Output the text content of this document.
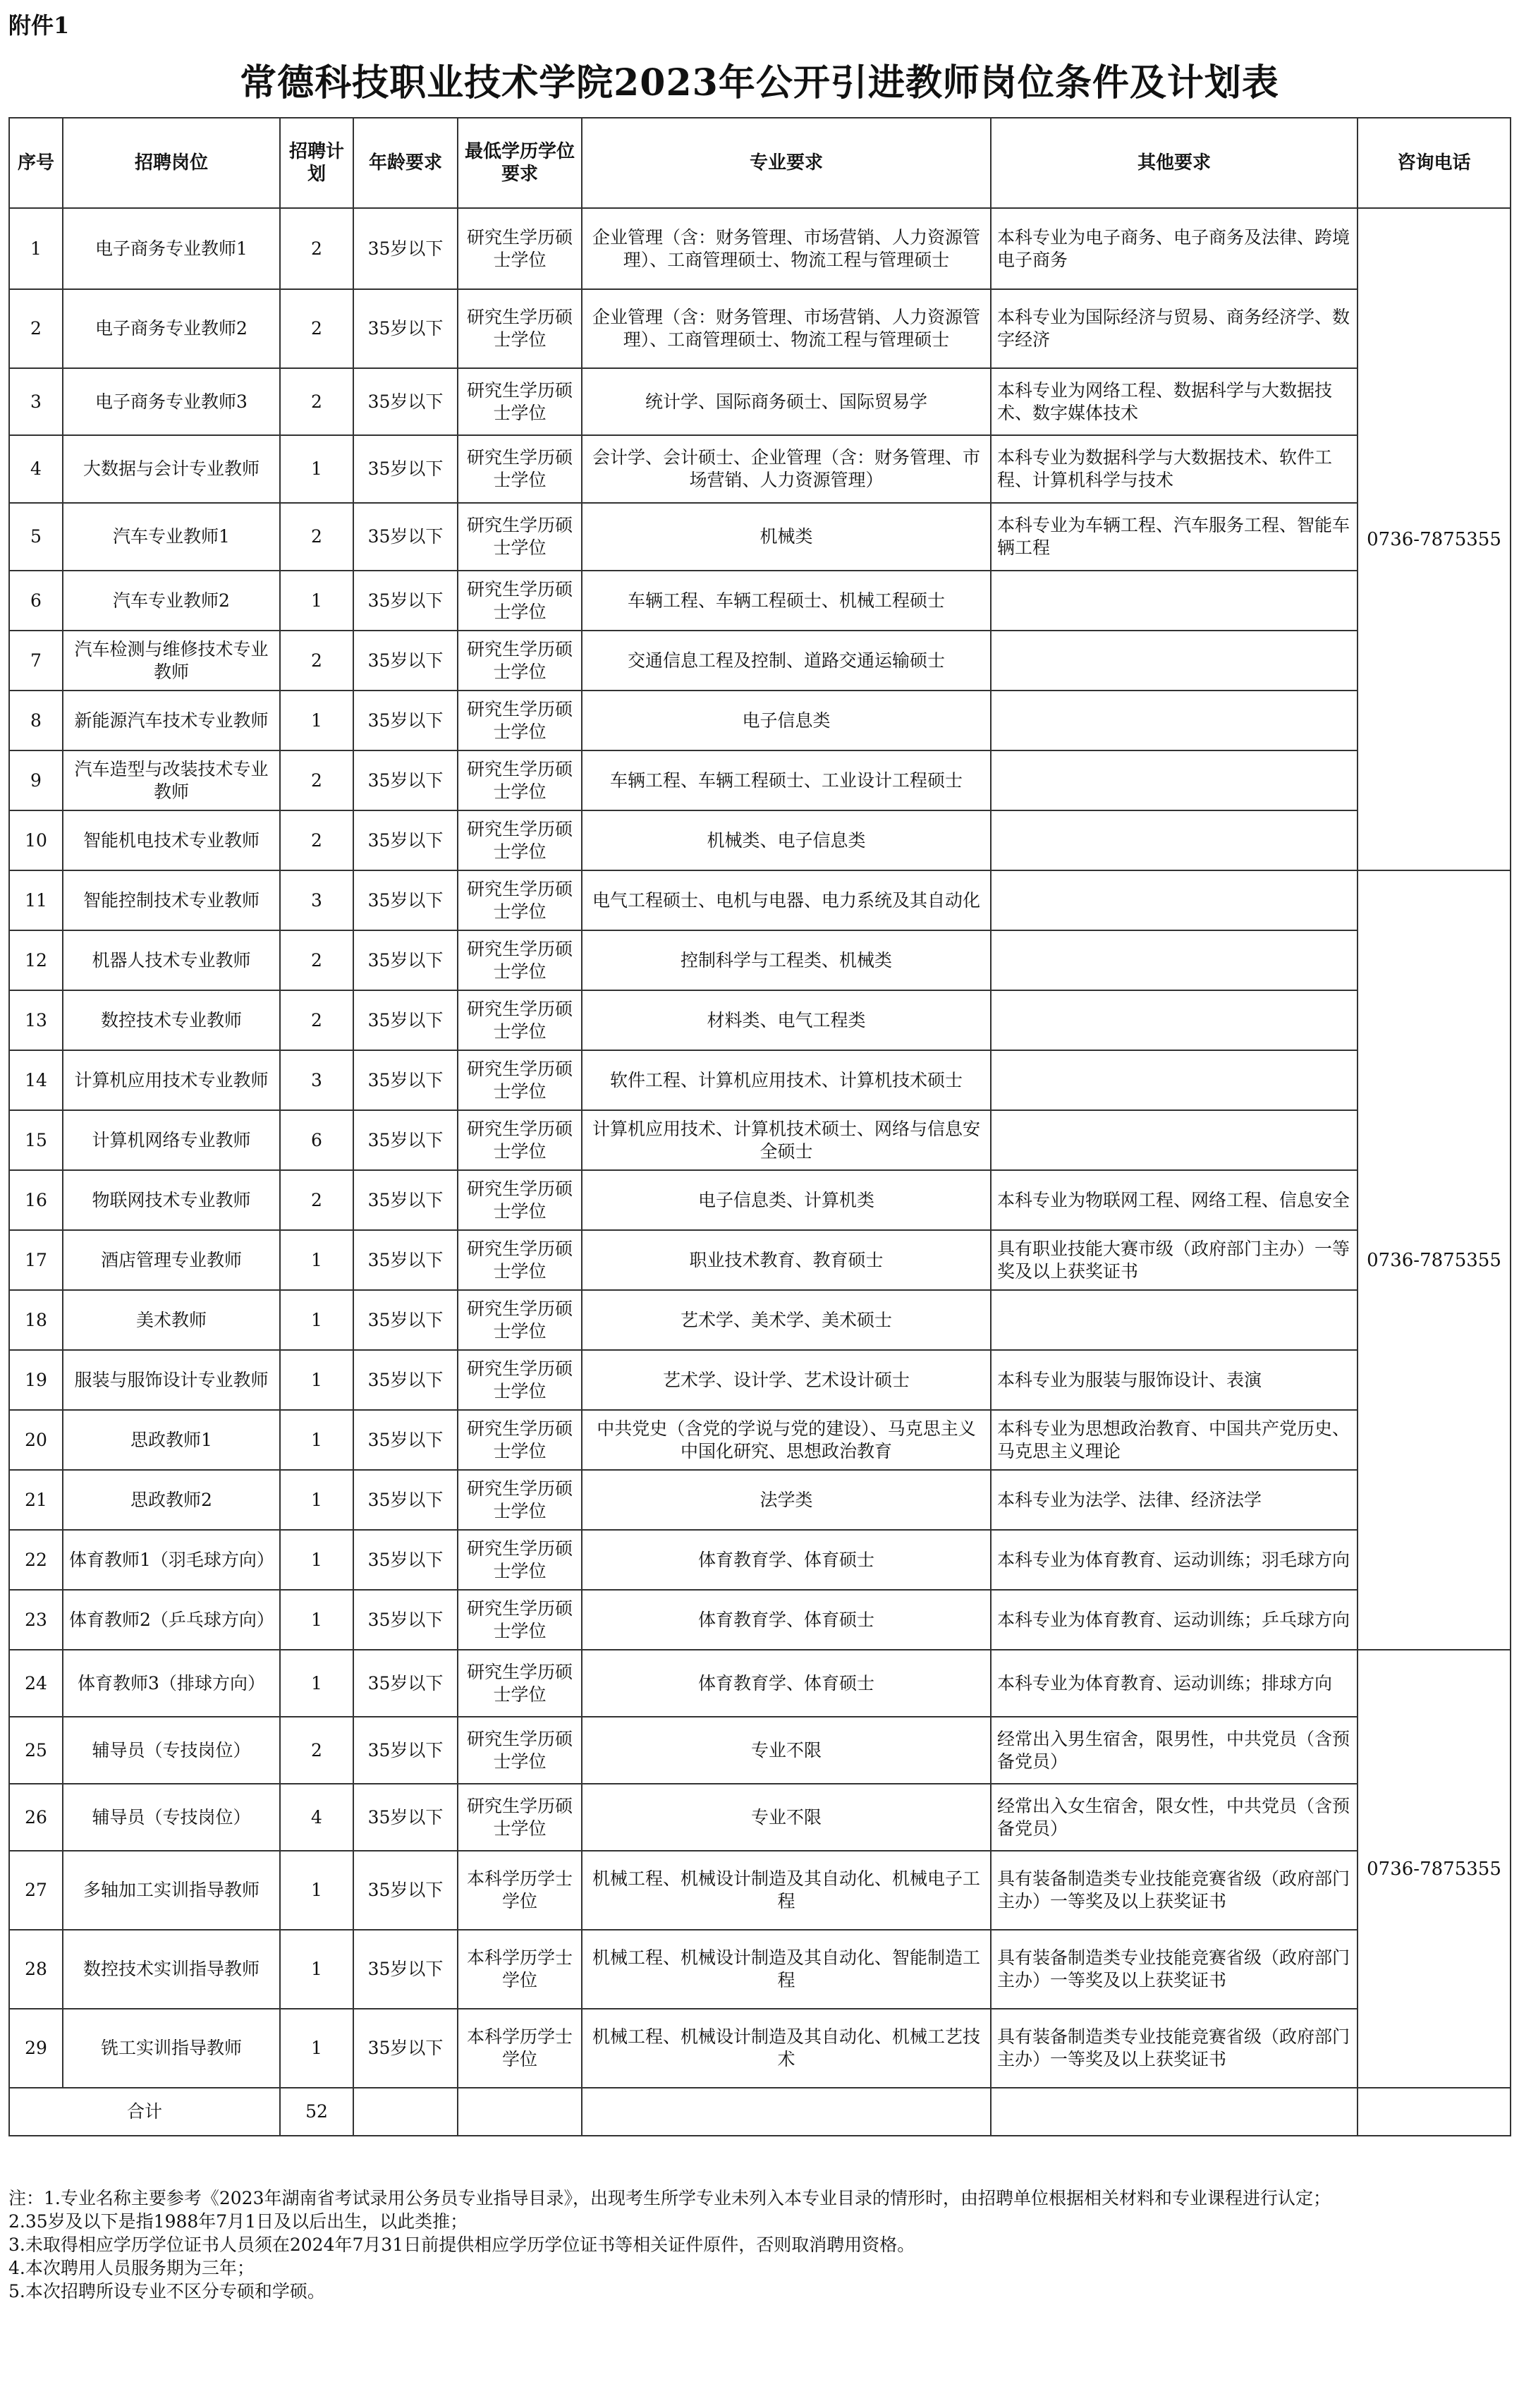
附件1
常德科技职业技术学院2023年公开引进教师岗位条件及计划表
序号	招聘岗位	招聘计划	年龄要求	最低学历学位要求	专业要求	其他要求	咨询电话
1	电子商务专业教师1	2	35岁以下	研究生学历硕士学位	企业管理（含：财务管理、市场营销、人力资源管理）、工商管理硕士、物流工程与管理硕士	本科专业为电子商务、电子商务及法律、跨境电子商务	0736-7875355
2	电子商务专业教师2	2	35岁以下	研究生学历硕士学位	企业管理（含：财务管理、市场营销、人力资源管理）、工商管理硕士、物流工程与管理硕士	本科专业为国际经济与贸易、商务经济学、数字经济	
3	电子商务专业教师3	2	35岁以下	研究生学历硕士学位	统计学、国际商务硕士、国际贸易学	本科专业为网络工程、数据科学与大数据技术、数字媒体技术	
4	大数据与会计专业教师	1	35岁以下	研究生学历硕士学位	会计学、会计硕士、企业管理（含：财务管理、市场营销、人力资源管理）	本科专业为数据科学与大数据技术、软件工程、计算机科学与技术	
5	汽车专业教师1	2	35岁以下	研究生学历硕士学位	机械类	本科专业为车辆工程、汽车服务工程、智能车辆工程	
6	汽车专业教师2	1	35岁以下	研究生学历硕士学位	车辆工程、车辆工程硕士、机械工程硕士		
7	汽车检测与维修技术专业教师	2	35岁以下	研究生学历硕士学位	交通信息工程及控制、道路交通运输硕士		
8	新能源汽车技术专业教师	1	35岁以下	研究生学历硕士学位	电子信息类		
9	汽车造型与改装技术专业教师	2	35岁以下	研究生学历硕士学位	车辆工程、车辆工程硕士、工业设计工程硕士		
10	智能机电技术专业教师	2	35岁以下	研究生学历硕士学位	机械类、电子信息类		
11	智能控制技术专业教师	3	35岁以下	研究生学历硕士学位	电气工程硕士、电机与电器、电力系统及其自动化		0736-7875355
12	机器人技术专业教师	2	35岁以下	研究生学历硕士学位	控制科学与工程类、机械类		
13	数控技术专业教师	2	35岁以下	研究生学历硕士学位	材料类、电气工程类		
14	计算机应用技术专业教师	3	35岁以下	研究生学历硕士学位	软件工程、计算机应用技术、计算机技术硕士		
15	计算机网络专业教师	6	35岁以下	研究生学历硕士学位	计算机应用技术、计算机技术硕士、网络与信息安全硕士		
16	物联网技术专业教师	2	35岁以下	研究生学历硕士学位	电子信息类、计算机类	本科专业为物联网工程、网络工程、信息安全	
17	酒店管理专业教师	1	35岁以下	研究生学历硕士学位	职业技术教育、教育硕士	具有职业技能大赛市级（政府部门主办）一等奖及以上获奖证书	
18	美术教师	1	35岁以下	研究生学历硕士学位	艺术学、美术学、美术硕士		
19	服装与服饰设计专业教师	1	35岁以下	研究生学历硕士学位	艺术学、设计学、艺术设计硕士	本科专业为服装与服饰设计、表演	
20	思政教师1	1	35岁以下	研究生学历硕士学位	中共党史（含党的学说与党的建设）、马克思主义中国化研究、思想政治教育	本科专业为思想政治教育、中国共产党历史、马克思主义理论	
21	思政教师2	1	35岁以下	研究生学历硕士学位	法学类	本科专业为法学、法律、经济法学	
22	体育教师1（羽毛球方向）	1	35岁以下	研究生学历硕士学位	体育教育学、体育硕士	本科专业为体育教育、运动训练；羽毛球方向	
23	体育教师2（乒乓球方向）	1	35岁以下	研究生学历硕士学位	体育教育学、体育硕士	本科专业为体育教育、运动训练；乒乓球方向	
24	体育教师3（排球方向）	1	35岁以下	研究生学历硕士学位	体育教育学、体育硕士	本科专业为体育教育、运动训练；排球方向	0736-7875355
25	辅导员（专技岗位）	2	35岁以下	研究生学历硕士学位	专业不限	经常出入男生宿舍，限男性，中共党员（含预备党员）	
26	辅导员（专技岗位）	4	35岁以下	研究生学历硕士学位	专业不限	经常出入女生宿舍，限女性，中共党员（含预备党员）	
27	多轴加工实训指导教师	1	35岁以下	本科学历学士学位	机械工程、机械设计制造及其自动化、机械电子工程	具有装备制造类专业技能竞赛省级（政府部门主办）一等奖及以上获奖证书	
28	数控技术实训指导教师	1	35岁以下	本科学历学士学位	机械工程、机械设计制造及其自动化、智能制造工程	具有装备制造类专业技能竞赛省级（政府部门主办）一等奖及以上获奖证书	
29	铣工实训指导教师	1	35岁以下	本科学历学士学位	机械工程、机械设计制造及其自动化、机械工艺技术	具有装备制造类专业技能竞赛省级（政府部门主办）一等奖及以上获奖证书	
合计		52					
注：1.专业名称主要参考《2023年湖南省考试录用公务员专业指导目录》，出现考生所学专业未列入本专业目录的情形时，由招聘单位根据相关材料和专业课程进行认定；
2.35岁及以下是指1988年7月1日及以后出生，以此类推；
3.未取得相应学历学位证书人员须在2024年7月31日前提供相应学历学位证书等相关证件原件，否则取消聘用资格。
4.本次聘用人员服务期为三年；
5.本次招聘所设专业不区分专硕和学硕。
